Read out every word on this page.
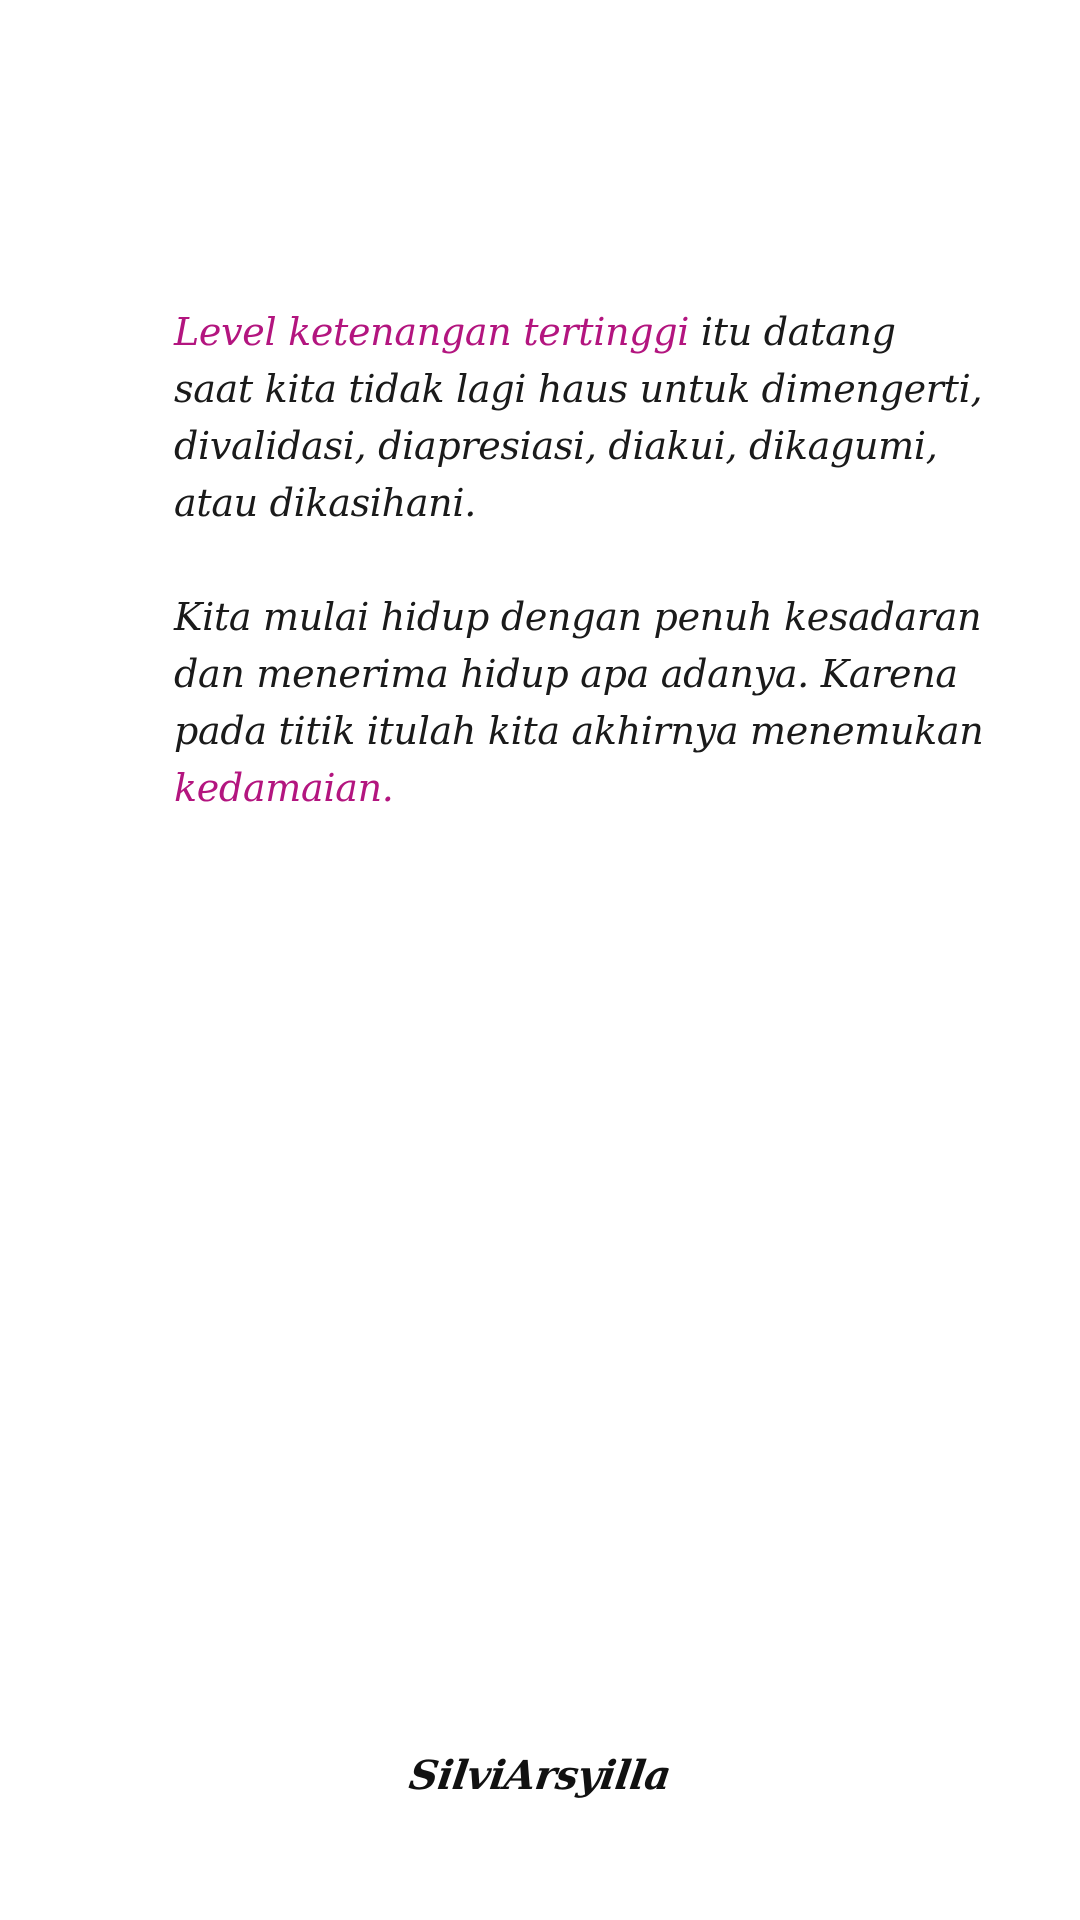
Level ketenangan tertinggi itu datang
saat kita tidak lagi haus untuk dimengerti,
divalidasi, diapresiasi, diakui, dikagumi,
atau dikasihani.

Kita mulai hidup dengan penuh kesadaran
dan menerima hidup apa adanya. Karena
pada titik itulah kita akhirnya menemukan
kedamaian.

SilviArsyilla
